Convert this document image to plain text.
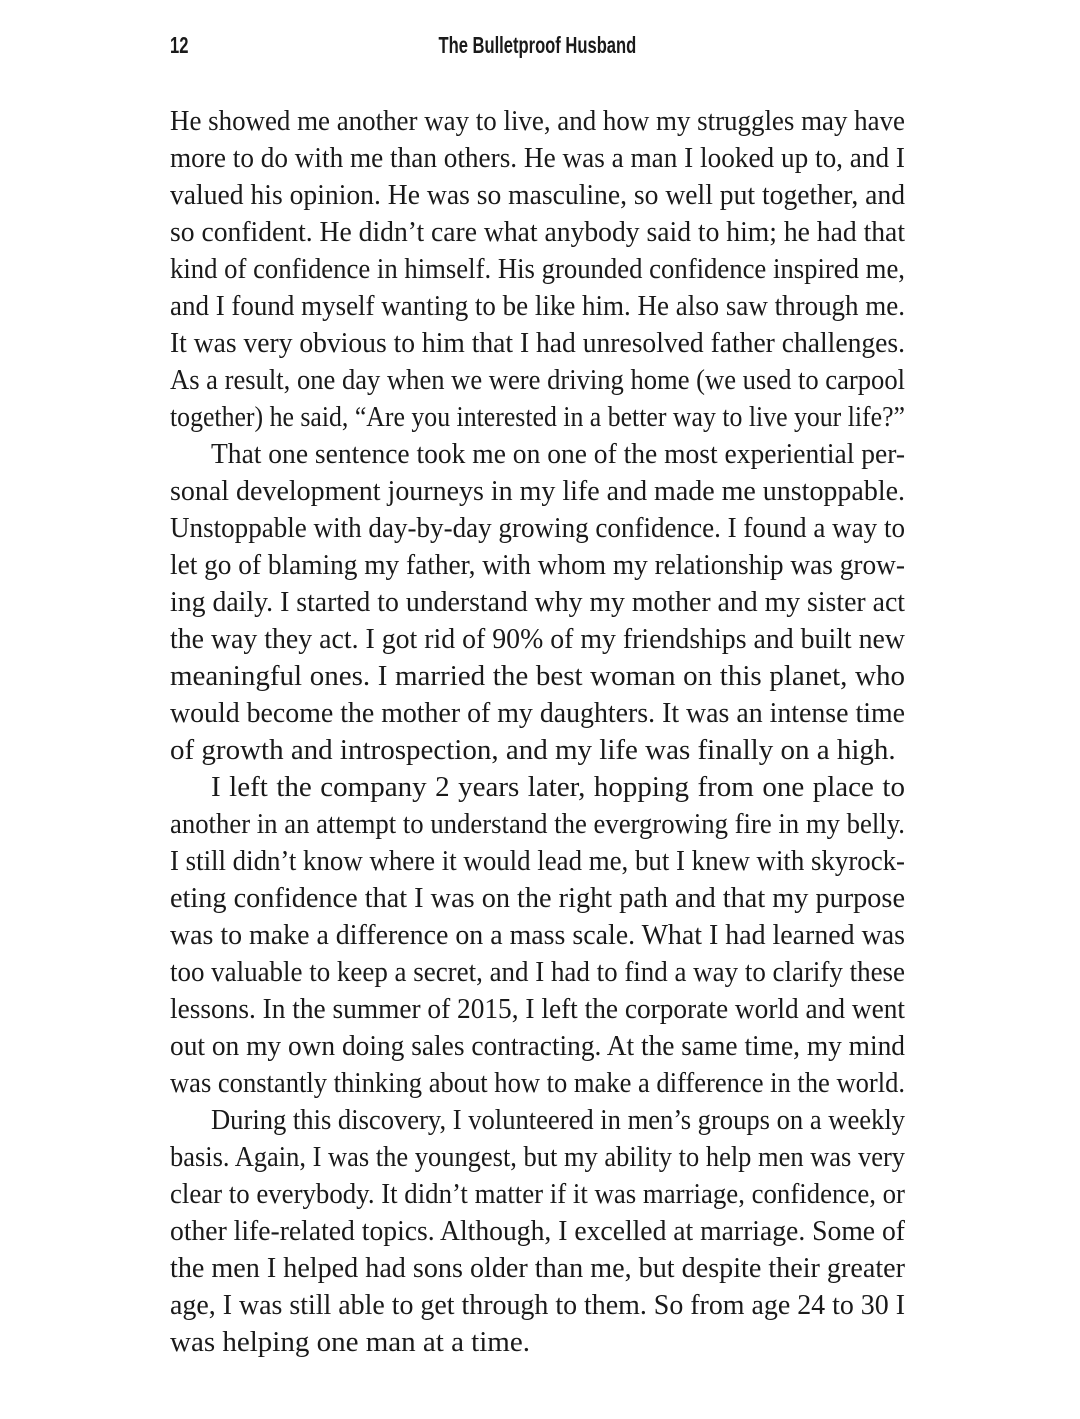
12	The Bulletproof Husband
He showed me another way to live, and how my struggles may have
more to do with me than others. He was a man I looked up to, and I
valued his opinion. He was so masculine, so well put together, and
so confident. He didn’t care what anybody said to him; he had that
kind of confidence in himself. His grounded confidence inspired me,
and I found myself wanting to be like him. He also saw through me.
It was very obvious to him that I had unresolved father challenges.
As a result, one day when we were driving home (we used to carpool
together) he said, “Are you interested in a better way to live your life?”
That one sentence took me on one of the most experiential per-
sonal development journeys in my life and made me unstoppable.
Unstoppable with day-by-day growing confidence. I found a way to
let go of blaming my father, with whom my relationship was grow-
ing daily. I started to understand why my mother and my sister act
the way they act. I got rid of 90% of my friendships and built new
meaningful ones. I married the best woman on this planet, who
would become the mother of my daughters. It was an intense time
of growth and introspection, and my life was finally on a high.
I left the company 2 years later, hopping from one place to
another in an attempt to understand the evergrowing fire in my belly.
I still didn’t know where it would lead me, but I knew with skyrock-
eting confidence that I was on the right path and that my purpose
was to make a difference on a mass scale. What I had learned was
too valuable to keep a secret, and I had to find a way to clarify these
lessons. In the summer of 2015, I left the corporate world and went
out on my own doing sales contracting. At the same time, my mind
was constantly thinking about how to make a difference in the world.
During this discovery, I volunteered in men’s groups on a weekly
basis. Again, I was the youngest, but my ability to help men was very
clear to everybody. It didn’t matter if it was marriage, confidence, or
other life-related topics. Although, I excelled at marriage. Some of
the men I helped had sons older than me, but despite their greater
age, I was still able to get through to them. So from age 24 to 30 I
was helping one man at a time.
